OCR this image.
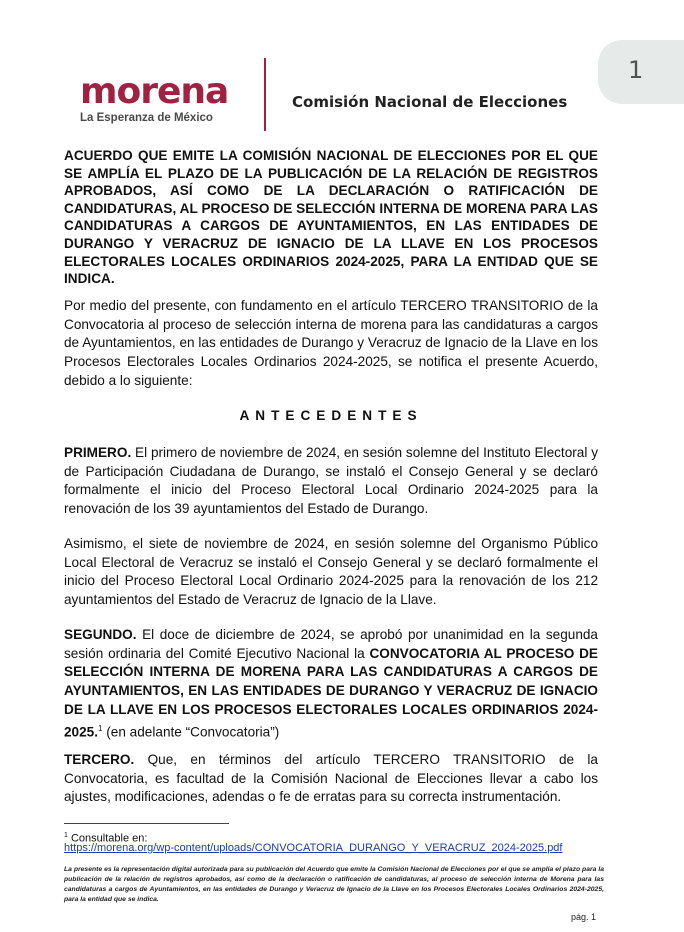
morena
La Esperanza de México
Comisión Nacional de Elecciones
1

ACUERDO QUE EMITE LA COMISIÓN NACIONAL DE ELECCIONES POR EL QUE SE AMPLÍA EL PLAZO DE LA PUBLICACIÓN DE LA RELACIÓN DE REGISTROS APROBADOS, ASÍ COMO DE LA DECLARACIÓN O RATIFICACIÓN DE CANDIDATURAS, AL PROCESO DE SELECCIÓN INTERNA DE MORENA PARA LAS CANDIDATURAS A CARGOS DE AYUNTAMIENTOS, EN LAS ENTIDADES DE DURANGO Y VERACRUZ DE IGNACIO DE LA LLAVE EN LOS PROCESOS ELECTORALES LOCALES ORDINARIOS 2024-2025, PARA LA ENTIDAD QUE SE INDICA.

Por medio del presente, con fundamento en el artículo TERCERO TRANSITORIO de la Convocatoria al proceso de selección interna de morena para las candidaturas a cargos de Ayuntamientos, en las entidades de Durango y Veracruz de Ignacio de la Llave en los Procesos Electorales Locales Ordinarios 2024-2025, se notifica el presente Acuerdo, debido a lo siguiente:

ANTECEDENTES

PRIMERO. El primero de noviembre de 2024, en sesión solemne del Instituto Electoral y de Participación Ciudadana de Durango, se instaló el Consejo General y se declaró formalmente el inicio del Proceso Electoral Local Ordinario 2024-2025 para la renovación de los 39 ayuntamientos del Estado de Durango.

Asimismo, el siete de noviembre de 2024, en sesión solemne del Organismo Público Local Electoral de Veracruz se instaló el Consejo General y se declaró formalmente el inicio del Proceso Electoral Local Ordinario 2024-2025 para la renovación de los 212 ayuntamientos del Estado de Veracruz de Ignacio de la Llave.

SEGUNDO. El doce de diciembre de 2024, se aprobó por unanimidad en la segunda sesión ordinaria del Comité Ejecutivo Nacional la CONVOCATORIA AL PROCESO DE SELECCIÓN INTERNA DE MORENA PARA LAS CANDIDATURAS A CARGOS DE AYUNTAMIENTOS, EN LAS ENTIDADES DE DURANGO Y VERACRUZ DE IGNACIO DE LA LLAVE EN LOS PROCESOS ELECTORALES LOCALES ORDINARIOS 2024-2025.$^1$ (en adelante “Convocatoria”)

TERCERO. Que, en términos del artículo TERCERO TRANSITORIO de la Convocatoria, es facultad de la Comisión Nacional de Elecciones llevar a cabo los ajustes, modificaciones, adendas o fe de erratas para su correcta instrumentación.

$^1$ Consultable en:
https://morena.org/wp-content/uploads/CONVOCATORIA_DURANGO_Y_VERACRUZ_2024-2025.pdf

La presente es la representación digital autorizada para su publicación del Acuerdo que emite la Comisión Nacional de Elecciones por el que se amplía el plazo para la publicación de la relación de registros aprobados, así como de la declaración o ratificación de candidaturas, al proceso de selección interna de Morena para las candidaturas a cargos de Ayuntamientos, en las entidades de Durango y Veracruz de Ignacio de la Llave en los Procesos Electorales Locales Ordinarios 2024-2025, para la entidad que se indica.

pág. 1
